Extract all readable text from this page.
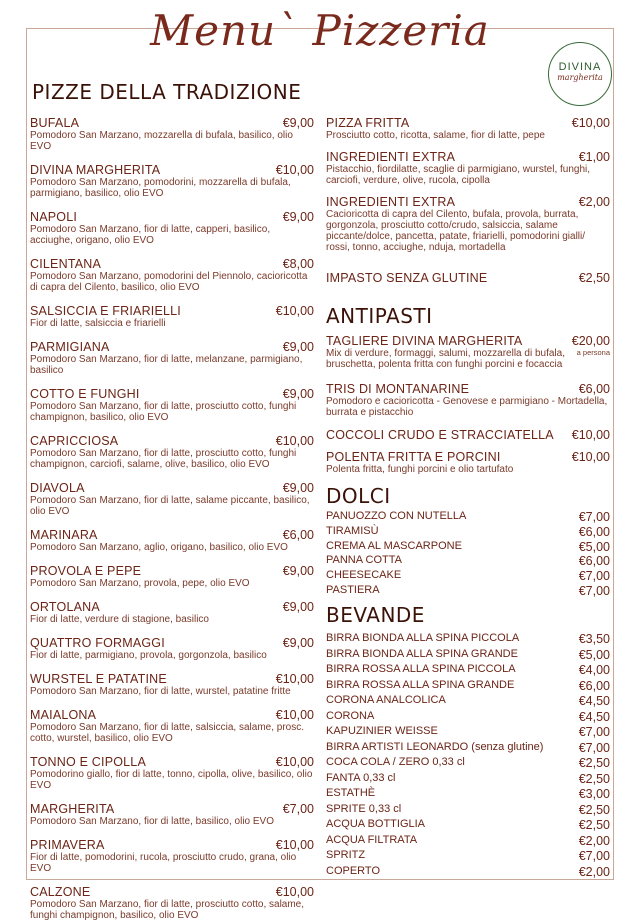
Menu` Pizzeria
DIVINA
margherita
PIZZE DELLA TRADIZIONE
BUFALA
Pomodoro San Marzano, mozzarella di bufala, basilico, olio EVO
€9,00
DIVINA MARGHERITA
Pomodoro San Marzano, pomodorini, mozzarella di bufala, parmigiano, basilico, olio EVO
€10,00
NAPOLI
Pomodoro San Marzano, fior di latte, capperi, basilico, acciughe, origano, olio EVO
€9,00
CILENTANA
Pomodoro San Marzano, pomodorini del Piennolo, cacioricotta di capra del Cilento, basilico, olio EVO
€8,00
SALSICCIA E FRIARIELLI
Fior di latte, salsiccia e friarielli
€10,00
PARMIGIANA
Pomodoro San Marzano, fior di latte, melanzane, parmigiano, basilico
€9,00
COTTO E FUNGHI
Pomodoro San Marzano, fior di latte, prosciutto cotto, funghi champignon, basilico, olio EVO
€9,00
CAPRICCIOSA
Pomodoro San Marzano, fior di latte, prosciutto cotto, funghi champignon, carciofi, salame, olive, basilico, olio EVO
€10,00
DIAVOLA
Pomodoro San Marzano, fior di latte, salame piccante, basilico, olio EVO
€9,00
MARINARA
Pomodoro San Marzano, aglio, origano, basilico, olio EVO
€6,00
PROVOLA E PEPE
Pomodoro San Marzano, provola, pepe, olio EVO
€9,00
ORTOLANA
Fior di latte, verdure di stagione, basilico
€9,00
QUATTRO FORMAGGI
Fior di latte, parmigiano, provola, gorgonzola, basilico
€9,00
WURSTEL E PATATINE
Pomodoro San Marzano, fior di latte, wurstel, patatine fritte
€10,00
MAIALONA
Pomodoro San Marzano, fior di latte, salsiccia, salame, prosc. cotto, wurstel, basilico, olio EVO
€10,00
TONNO E CIPOLLA
Pomodorino giallo, fior di latte, tonno, cipolla, olive, basilico, olio EVO
€10,00
MARGHERITA
Pomodoro San Marzano, fior di latte, basilico, olio EVO
€7,00
PRIMAVERA
Fior di latte, pomodorini, rucola, prosciutto crudo, grana, olio EVO
€10,00
CALZONE
Pomodoro San Marzano, fior di latte, prosciutto cotto, salame, funghi champignon, basilico, olio EVO
€10,00
PIZZA FRITTA
Prosciutto cotto, ricotta, salame, fior di latte, pepe
€10,00
INGREDIENTI EXTRA
Pistacchio, fiordilatte, scaglie di parmigiano, wurstel, funghi, carciofi, verdure, olive, rucola, cipolla
€1,00
INGREDIENTI EXTRA
Cacioricotta di capra del Cilento, bufala, provola, burrata, gorgonzola, prosciutto cotto/crudo, salsiccia, salame piccante/dolce, pancetta, patate, friarielli, pomodorini gialli/ rossi, tonno, acciughe, nduja, mortadella
€2,00
IMPASTO SENZA GLUTINE	€2,50
ANTIPASTI
TAGLIERE DIVINA MARGHERITA
Mix di verdure, formaggi, salumi, mozzarella di bufala, bruschetta, polenta fritta con funghi porcini e focaccia
€20,00
a persona
TRIS DI MONTANARINE
Pomodoro e cacioricotta - Genovese e parmigiano - Mortadella, burrata e pistacchio
€6,00
COCCOLI CRUDO E STRACCIATELLA	€10,00
POLENTA FRITTA E PORCINI
Polenta fritta, funghi porcini e olio tartufato
€10,00
DOLCI
PANUOZZO CON NUTELLA	€7,00
TIRAMISÙ	€6,00
CREMA AL MASCARPONE	€5,00
PANNA COTTA	€6,00
CHEESECAKE	€7,00
PASTIERA	€7,00
BEVANDE
BIRRA BIONDA ALLA SPINA PICCOLA	€3,50
BIRRA BIONDA ALLA SPINA GRANDE	€5,00
BIRRA ROSSA ALLA SPINA PICCOLA	€4,00
BIRRA ROSSA ALLA SPINA GRANDE	€6,00
CORONA ANALCOLICA	€4,50
CORONA	€4,50
KAPUZINIER WEISSE	€7,00
BIRRA ARTISTI LEONARDO (senza glutine)	€7,00
COCA COLA / ZERO 0,33 cl	€2,50
FANTA 0,33 cl	€2,50
ESTATHÈ	€3,00
SPRITE 0,33 cl	€2,50
ACQUA BOTTIGLIA	€2,50
ACQUA FILTRATA	€2,00
SPRITZ	€7,00
COPERTO	€2,00
